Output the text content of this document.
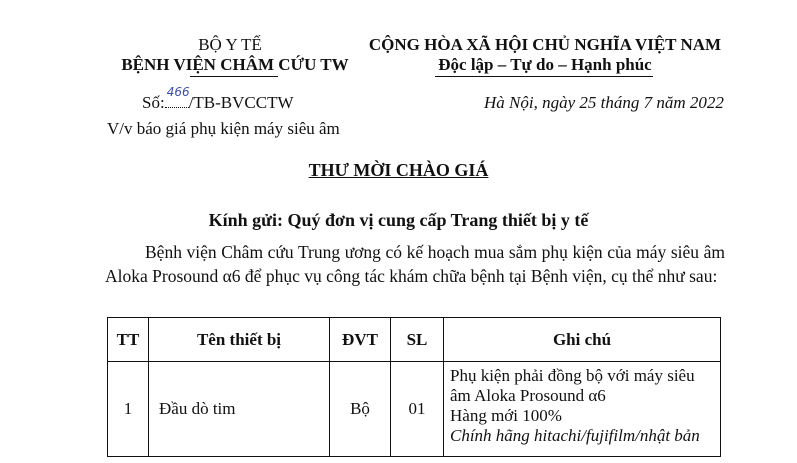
BỘ Y TẾ
BỆNH VIỆN CHÂM CỨU TW
Số:
466
/TB-BVCCTW
V/v báo giá phụ kiện máy siêu âm
CỘNG HÒA XÃ HỘI CHỦ NGHĨA VIỆT NAM
Độc lập – Tự do – Hạnh phúc
Hà Nội, ngày 25 tháng 7 năm 2022
THƯ MỜI CHÀO GIÁ
Kính gửi: Quý đơn vị cung cấp Trang thiết bị y tế
Bệnh viện Châm cứu Trung ương có kế hoạch mua sắm phụ kiện của máy siêu âm Aloka Prosound α6 để phục vụ công tác khám chữa bệnh tại Bệnh viện, cụ thể như sau:
TT	Tên thiết bị	ĐVT	SL	Ghi chú
1	Đầu dò tim	Bộ	01	Phụ kiện phải đồng bộ với máy siêu âm Aloka Prosound α6
Hàng mới 100%
Chính hãng hitachi/fujifilm/nhật bản
